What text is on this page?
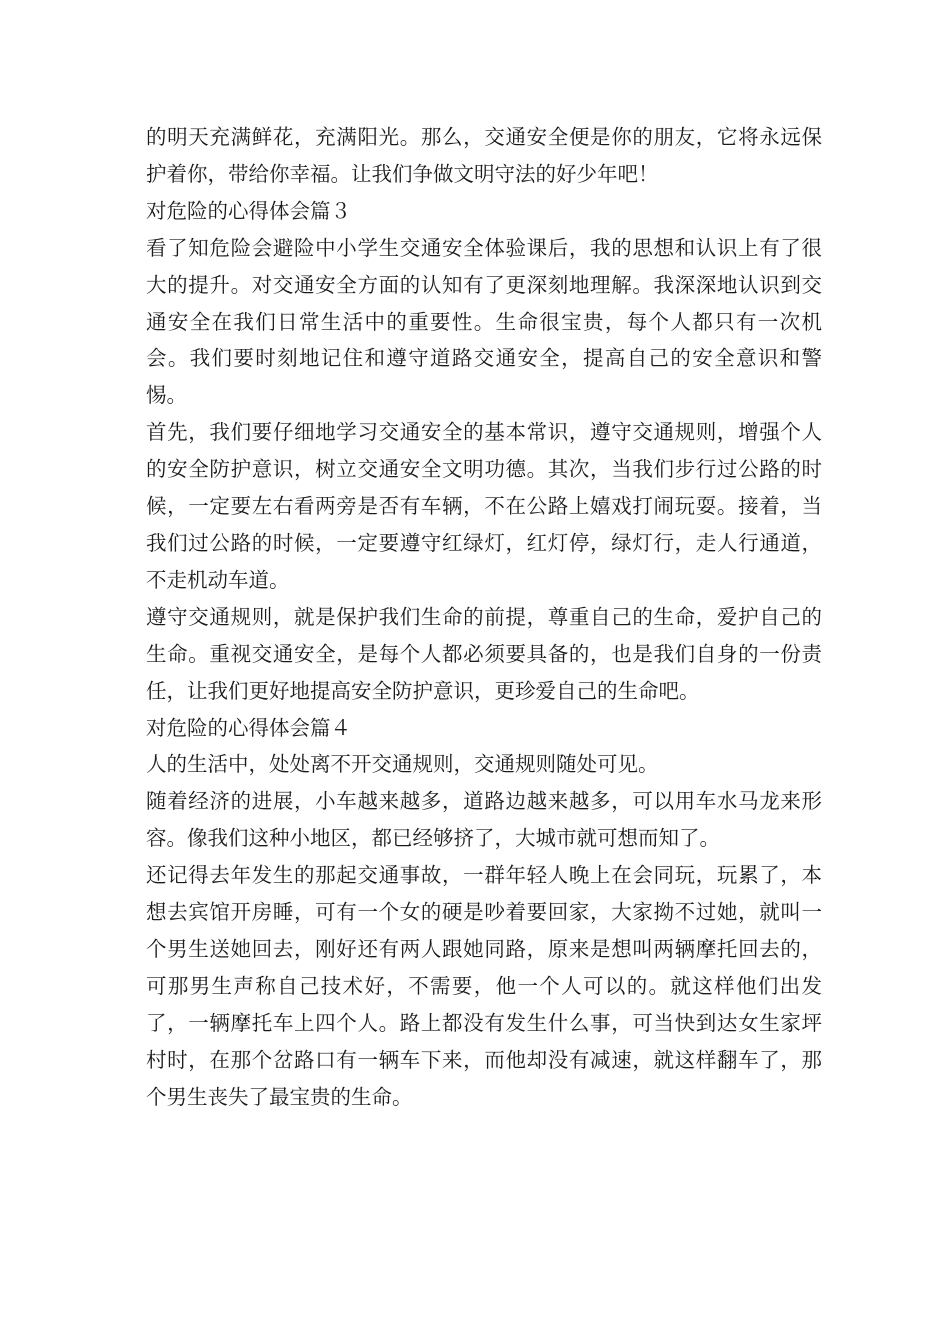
的明天充满鲜花，充满阳光。那么，交通安全便是你的朋友，它将永远保护着你，带给你幸福。让我们争做文明守法的好少年吧！

对危险的心得体会篇３

看了知危险会避险中小学生交通安全体验课后，我的思想和认识上有了很大的提升。对交通安全方面的认知有了更深刻地理解。我深深地认识到交通安全在我们日常生活中的重要性。生命很宝贵，每个人都只有一次机会。我们要时刻地记住和遵守道路交通安全，提高自己的安全意识和警惕。

首先，我们要仔细地学习交通安全的基本常识，遵守交通规则，增强个人的安全防护意识，树立交通安全文明功德。其次，当我们步行过公路的时候，一定要左右看两旁是否有车辆，不在公路上嬉戏打闹玩耍。接着，当我们过公路的时候，一定要遵守红绿灯，红灯停，绿灯行，走人行通道，不走机动车道。

遵守交通规则，就是保护我们生命的前提，尊重自己的生命，爱护自己的生命。重视交通安全，是每个人都必须要具备的，也是我们自身的一份责任，让我们更好地提高安全防护意识，更珍爱自己的生命吧。

对危险的心得体会篇４

人的生活中，处处离不开交通规则，交通规则随处可见。

随着经济的进展，小车越来越多，道路边越来越多，可以用车水马龙来形容。像我们这种小地区，都已经够挤了，大城市就可想而知了。

还记得去年发生的那起交通事故，一群年轻人晚上在会同玩，玩累了，本想去宾馆开房睡，可有一个女的硬是吵着要回家，大家拗不过她，就叫一个男生送她回去，刚好还有两人跟她同路，原来是想叫两辆摩托回去的，可那男生声称自己技术好，不需要，他一个人可以的。就这样他们出发了，一辆摩托车上四个人。路上都没有发生什么事，可当快到达女生家坪村时，在那个岔路口有一辆车下来，而他却没有减速，就这样翻车了，那个男生丧失了最宝贵的生命。
